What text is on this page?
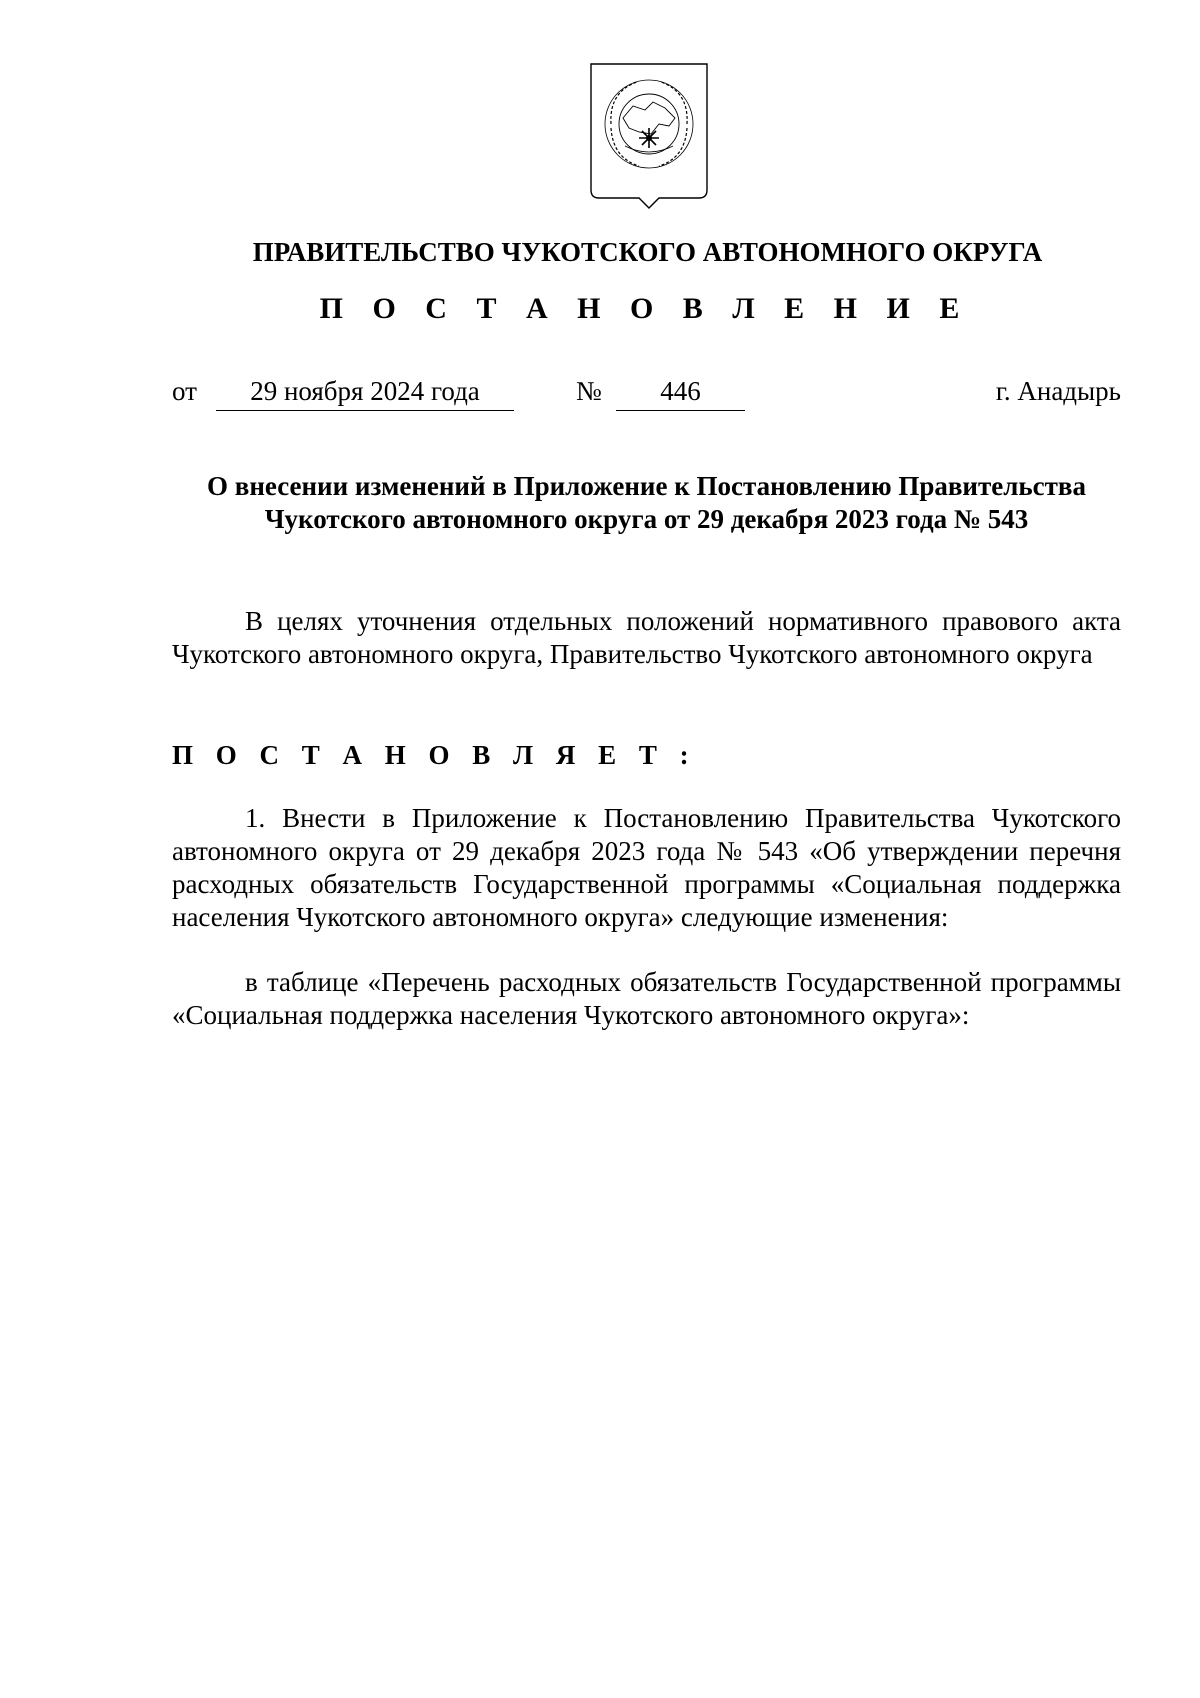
ПРАВИТЕЛЬСТВО ЧУКОТСКОГО АВТОНОМНОГО ОКРУГА
П О С Т А Н О В Л Е Н И Е
от	29 ноября 2024 года	№	446	г. Анадырь
О внесении изменений в Приложение к Постановлению Правительства
Чукотского автономного округа от 29 декабря 2023 года № 543
В целях уточнения отдельных положений нормативного правового акта Чукотского автономного округа, Правительство Чукотского автономного округа
П О С Т А Н О В Л Я Е Т :
1. Внести в Приложение к Постановлению Правительства Чукотского автономного округа от 29 декабря 2023 года № 543 «Об утверждении перечня расходных обязательств Государственной программы «Социальная поддержка населения Чукотского автономного округа» следующие изменения:
в таблице «Перечень расходных обязательств Государственной программы «Социальная поддержка населения Чукотского автономного округа»:
